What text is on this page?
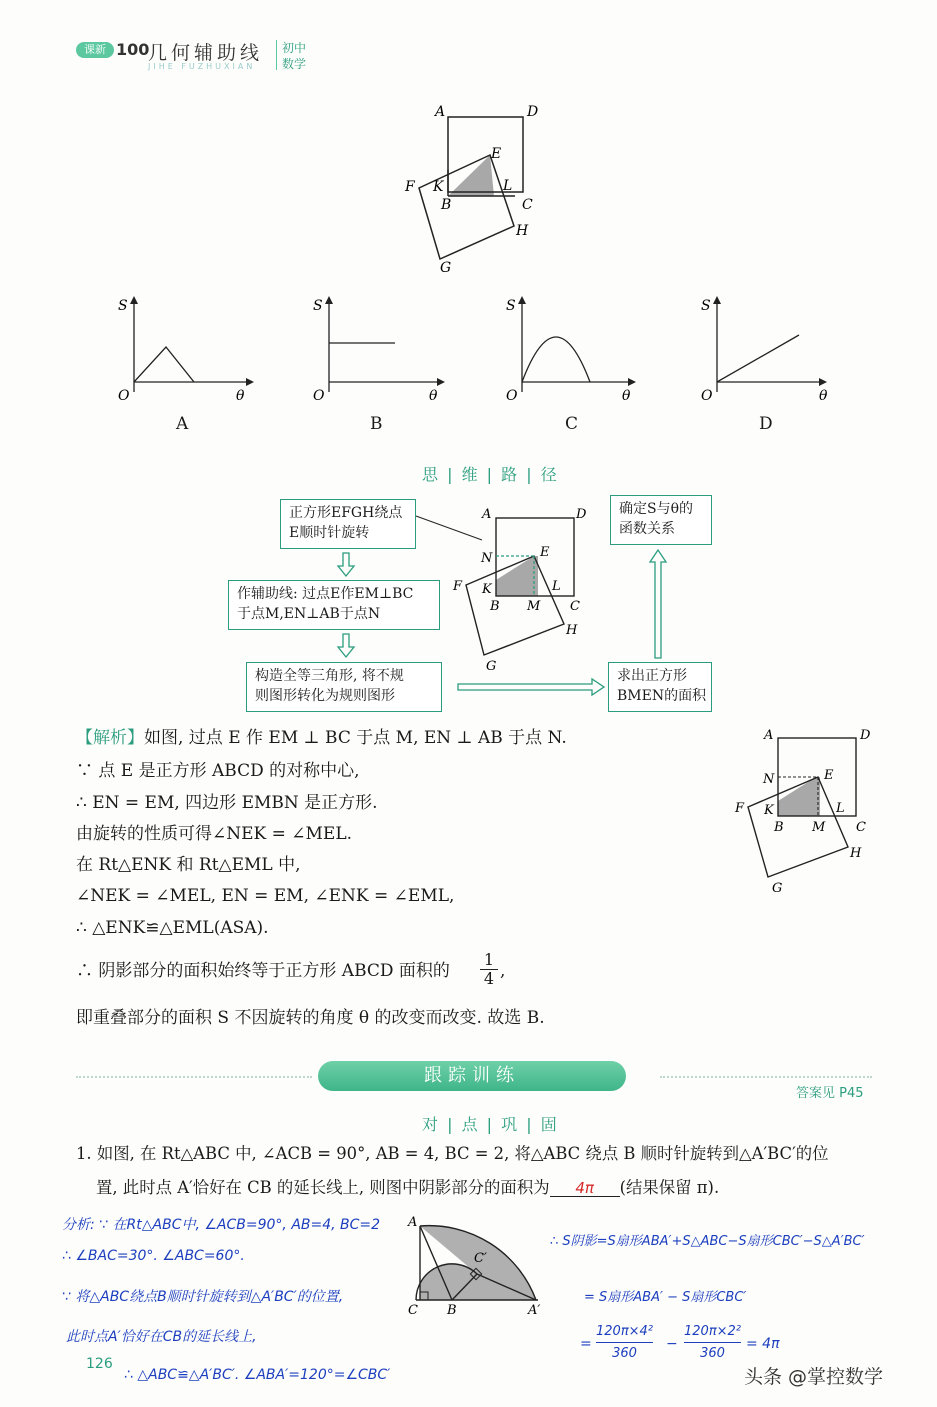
课新 100
几何辅助线
JIHE FUZHUXIAN
初中
数学
A	D
E
F K	L
B	C
H
G
S
O	θ
A
S
O	θ
B
S
O	θ
C
S
O	θ
D
思 | 维 | 路 | 径
正方形EFGH绕点
E顺时针旋转
作辅助线: 过点E作EM⊥BC
于点M,EN⊥AB于点N
构造全等三角形, 将不规
则图形转化为规则图形
求出正方形
BMEN的面积
确定S与θ的
函数关系
A	D
N	E
F K	L
B M C
H
G
【解析】如图, 过点 E 作 EM ⊥ BC 于点 M, EN ⊥ AB 于点 N.
∵ 点 E 是正方形 ABCD 的对称中心,
∴ EN = EM, 四边形 EMBN 是正方形.
由旋转的性质可得∠NEK = ∠MEL.
在 Rt△ENK 和 Rt△EML 中,
∠NEK = ∠MEL, EN = EM, ∠ENK = ∠EML,
∴ △ENK≌△EML(ASA).
∴ 阴影部分的面积始终等于正方形 ABCD 面积的
1
4 ,
即重叠部分的面积 S 不因旋转的角度 θ 的改变而改变. 故选 B.
A	D
N	E
F K	L
B M C
H
G
跟踪训练
答案见 P45
对 | 点 | 巩 | 固
1. 如图, 在 Rt△ABC 中, ∠ACB = 90°, AB = 4, BC = 2, 将△ABC 绕点 B 顺时针旋转到△A′BC′的位
置, 此时点 A′恰好在 CB 的延长线上, 则图中阴影部分的面积为 4π (结果保留 π).
A
C′
C B	A′
分析: ∵ 在Rt△ABC中, ∠ACB=90°, AB=4, BC=2
∴ ∠BAC=30°. ∠ABC=60°.
∵ 将△ABC绕点B顺时针旋转到△A′BC′的位置,
此时点A′恰好在CB的延长线上,
∴ △ABC≌△A′BC′. ∠ABA′=120°=∠CBC′
∴ S阴影=S扇形ABA′+S△ABC−S扇形CBC′−S△A′BC′
= S扇形ABA′ − S扇形CBC′
120π×4²
360
−
120π×2²
360
= 4π
=
126
头条 @掌控数学
